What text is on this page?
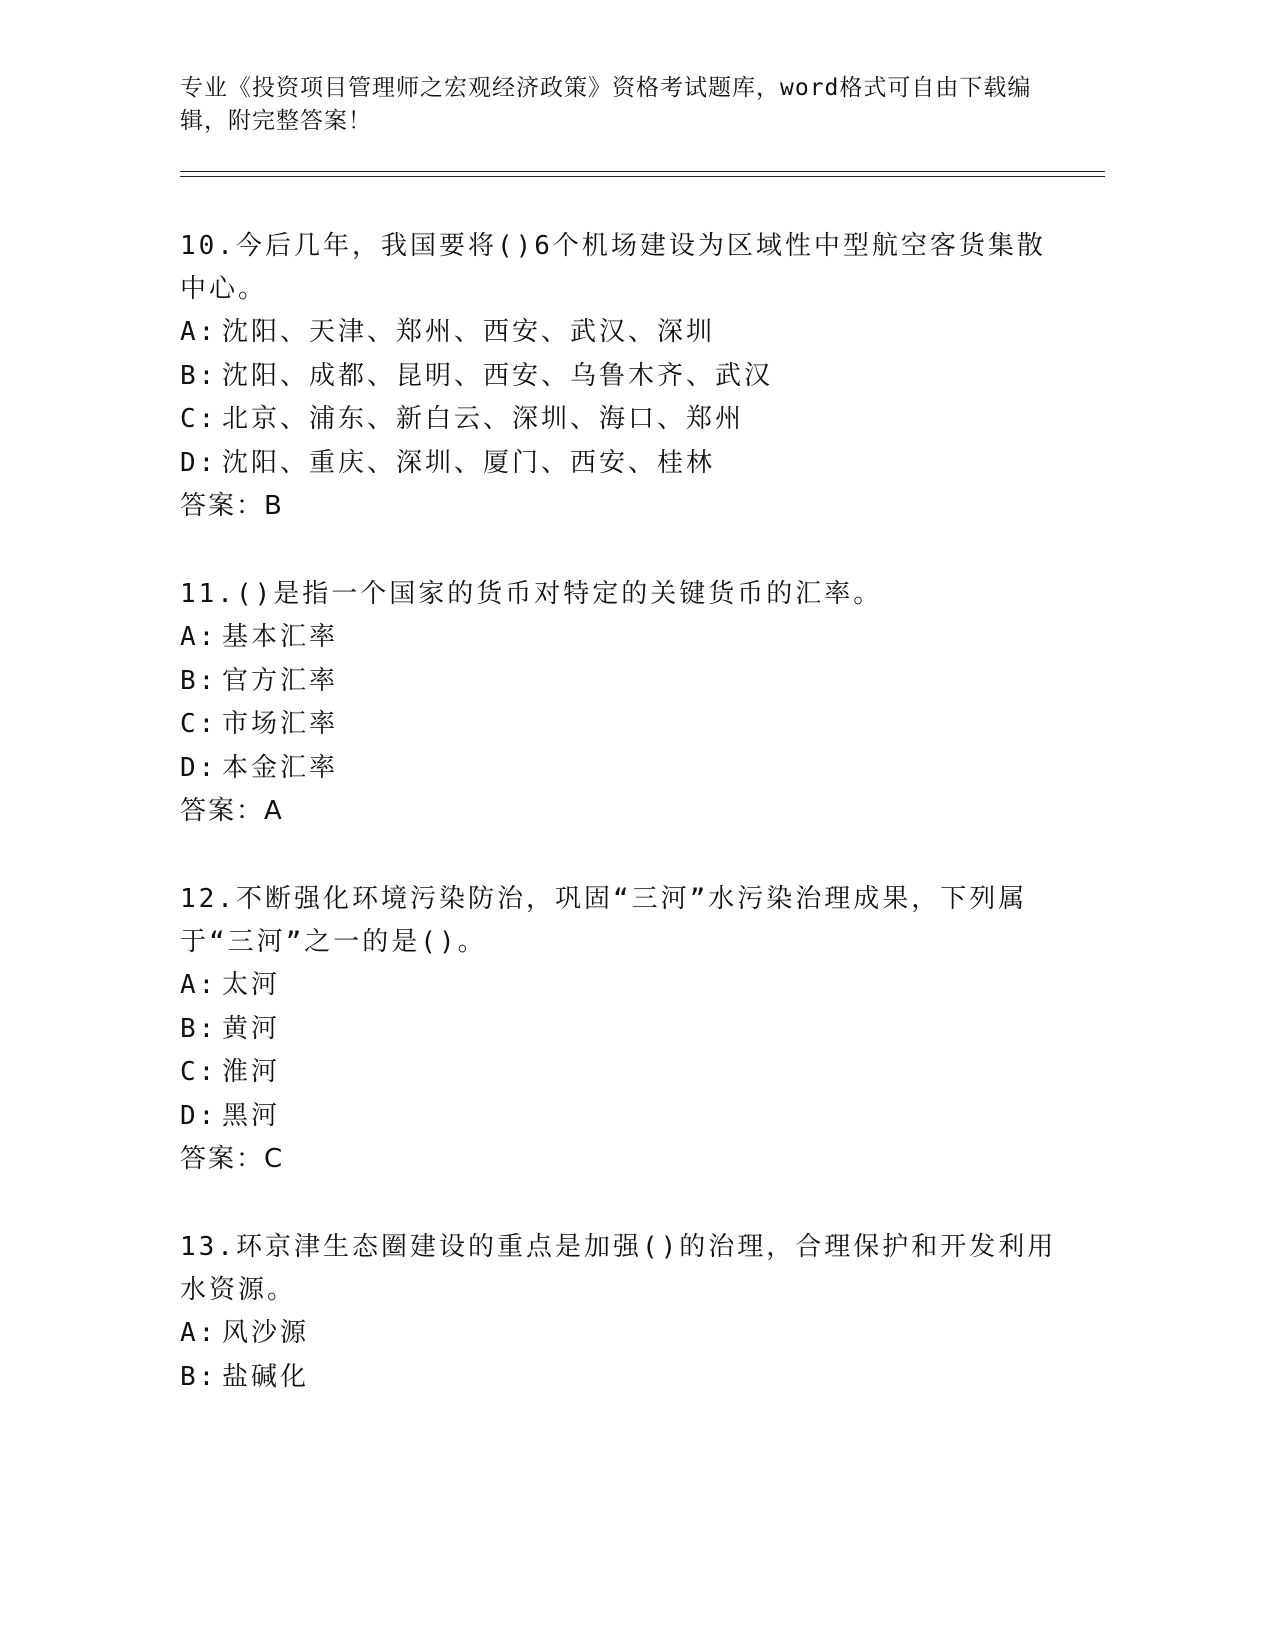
专业《投资项目管理师之宏观经济政策》资格考试题库，word格式可自由下载编辑，附完整答案！

10.今后几年，我国要将()6个机场建设为区域性中型航空客货集散中心。

A: 沈阳、天津、郑州、西安、武汉、深圳

B: 沈阳、成都、昆明、西安、乌鲁木齐、武汉

C: 北京、浦东、新白云、深圳、海口、郑州

D: 沈阳、重庆、深圳、厦门、西安、桂林

答案：B

11.()是指一个国家的货币对特定的关键货币的汇率。

A: 基本汇率

B: 官方汇率

C: 市场汇率

D: 本金汇率

答案：A

12.不断强化环境污染防治，巩固“三河”水污染治理成果，下列属于“三河”之一的是()。

A: 太河

B: 黄河

C: 淮河

D: 黑河

答案：C

13.环京津生态圈建设的重点是加强()的治理，合理保护和开发利用水资源。

A: 风沙源

B: 盐碱化
